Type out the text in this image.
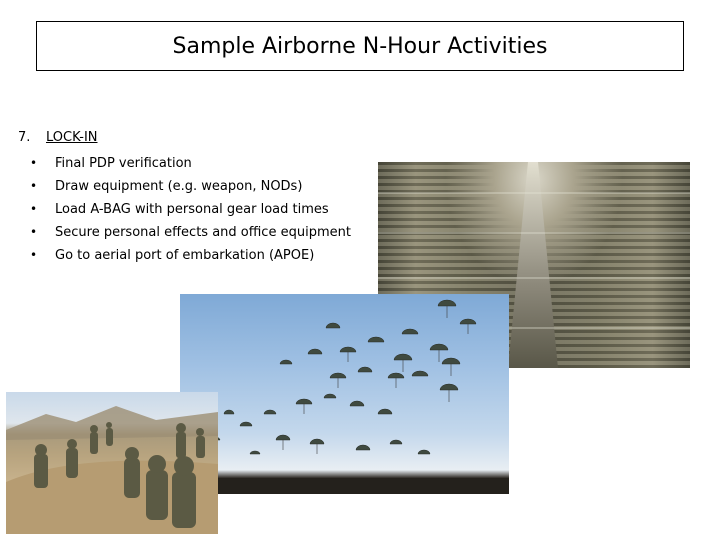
Sample Airborne N-Hour Activities
7.	LOCK-IN
•	Final PDP verification
•	Draw equipment (e.g. weapon, NODs)
•	Load A-BAG with personal gear load times
•	Secure personal effects and office equipment
•	Go to aerial port of embarkation (APOE)
